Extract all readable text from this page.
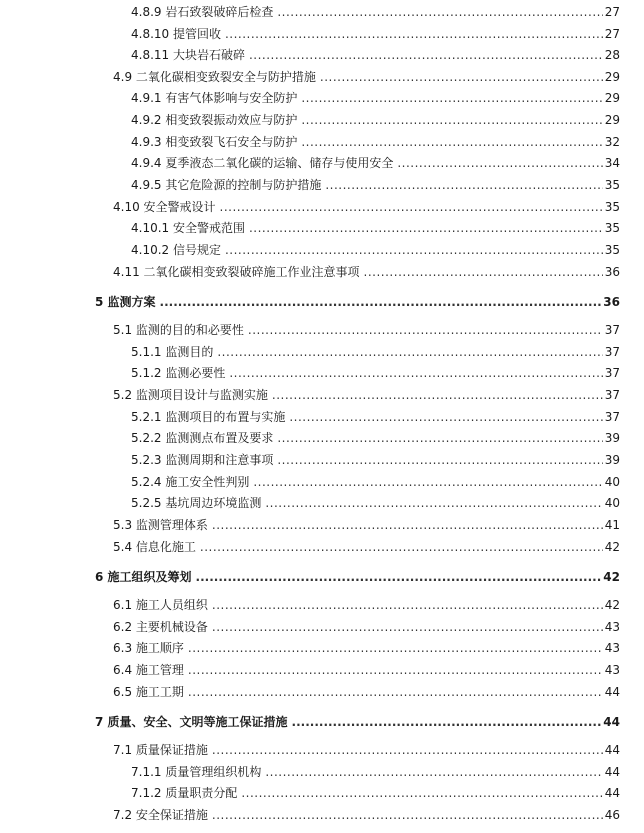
4.8.9 岩石致裂破碎后检查 .....	27
4.8.10 提管回收 .....	27
4.8.11 大块岩石破碎 .....	28
4.9 二氧化碳相变致裂安全与防护措施 .....	29
4.9.1 有害气体影响与安全防护 .....	29
4.9.2 相变致裂振动效应与防护 .....	29
4.9.3 相变致裂飞石安全与防护 .....	32
4.9.4 夏季液态二氧化碳的运输、储存与使用安全 .....	34
4.9.5 其它危险源的控制与防护措施 .....	35
4.10 安全警戒设计 .....	35
4.10.1 安全警戒范围 .....	35
4.10.2 信号规定 .....	35
4.11 二氧化碳相变致裂破碎施工作业注意事项 .....	36
5 监测方案 .....	36
5.1 监测的目的和必要性 .....	37
5.1.1 监测目的 .....	37
5.1.2 监测必要性 .....	37
5.2 监测项目设计与监测实施 .....	37
5.2.1 监测项目的布置与实施 .....	37
5.2.2 监测测点布置及要求 .....	39
5.2.3 监测周期和注意事项 .....	39
5.2.4 施工安全性判别 .....	40
5.2.5 基坑周边环境监测 .....	40
5.3 监测管理体系 .....	41
5.4 信息化施工 .....	42
6 施工组织及筹划 .....	42
6.1 施工人员组织 .....	42
6.2 主要机械设备 .....	43
6.3 施工顺序 .....	43
6.4 施工管理 .....	43
6.5 施工工期 .....	44
7 质量、安全、文明等施工保证措施 .....	44
7.1 质量保证措施 .....	44
7.1.1 质量管理组织机构 .....	44
7.1.2 质量职责分配 .....	44
7.2 安全保证措施 .....	46
